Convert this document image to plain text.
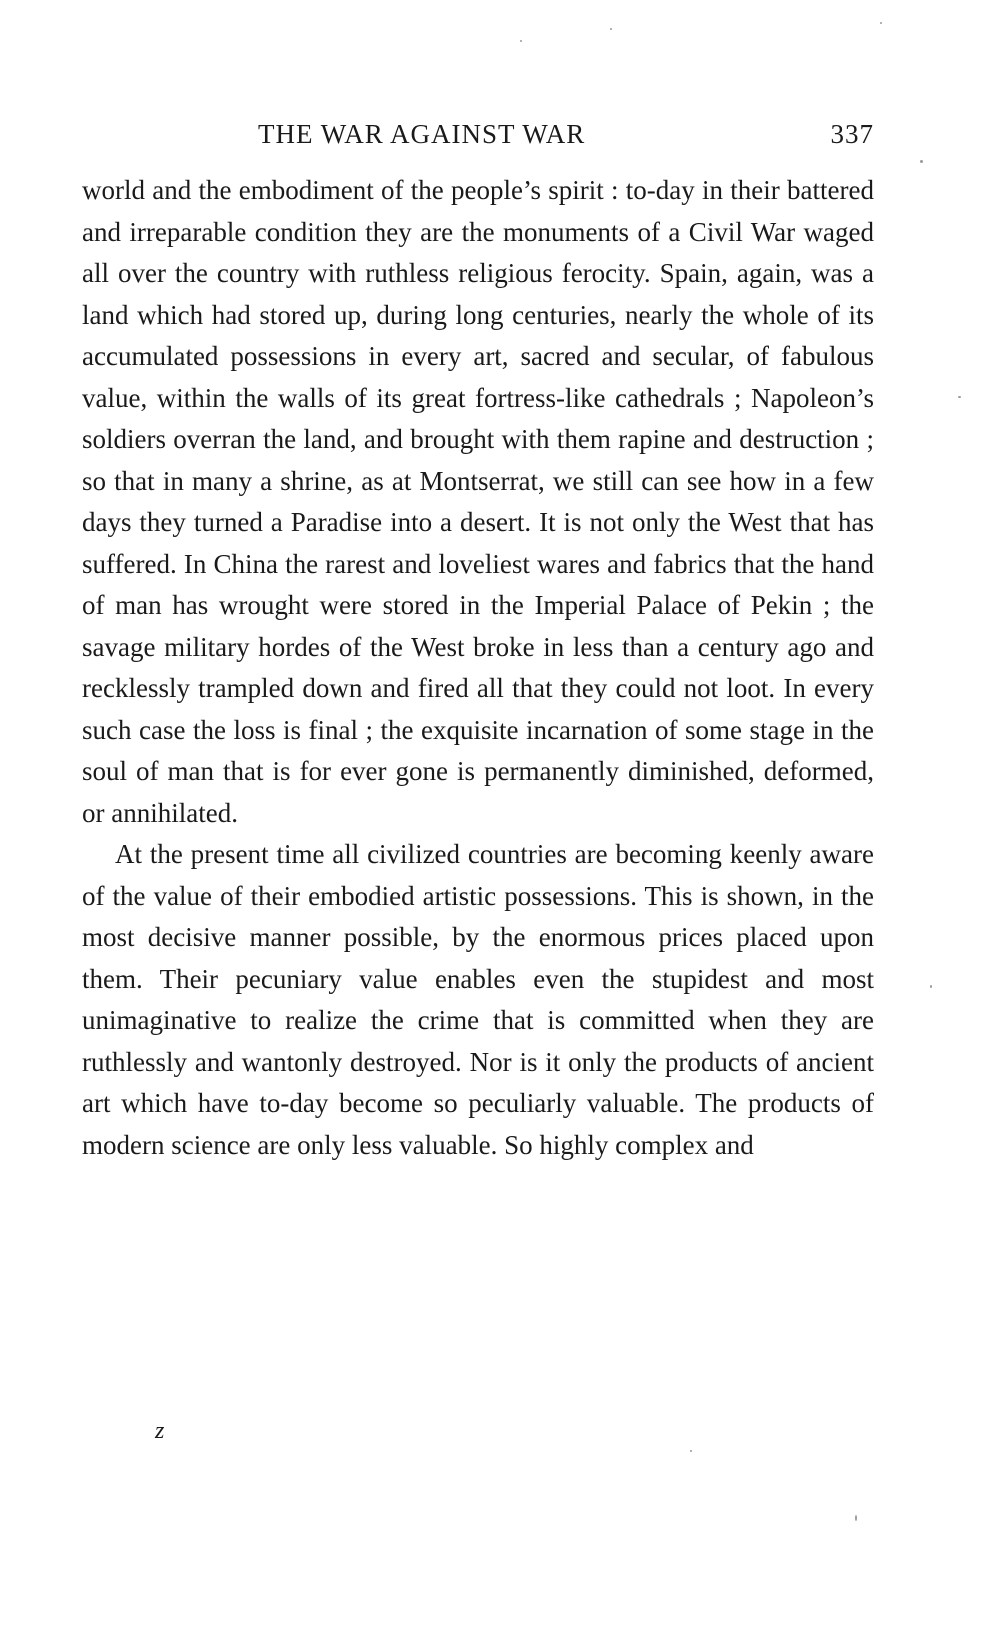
THE WAR AGAINST WAR	337

world and the embodiment of the people’s spirit : to-day in their battered and irreparable condition they are the monuments of a Civil War waged all over the country with ruthless religious ferocity. Spain, again, was a land which had stored up, during long centuries, nearly the whole of its accumulated possessions in every art, sacred and secular, of fabulous value, within the walls of its great fortress-like cathedrals ; Napoleon’s soldiers overran the land, and brought with them rapine and destruction ; so that in many a shrine, as at Montserrat, we still can see how in a few days they turned a Paradise into a desert. It is not only the West that has suffered. In China the rarest and loveliest wares and fabrics that the hand of man has wrought were stored in the Imperial Palace of Pekin ; the savage military hordes of the West broke in less than a century ago and recklessly trampled down and fired all that they could not loot. In every such case the loss is final ; the exquisite incarnation of some stage in the soul of man that is for ever gone is permanently diminished, deformed, or annihilated.

At the present time all civilized countries are becoming keenly aware of the value of their embodied artistic possessions. This is shown, in the most decisive manner possible, by the enormous prices placed upon them. Their pecuniary value enables even the stupidest and most unimaginative to realize the crime that is committed when they are ruthlessly and wantonly destroyed. Nor is it only the products of ancient art which have to-day become so peculiarly valuable. The products of modern science are only less valuable. So highly complex and

z
